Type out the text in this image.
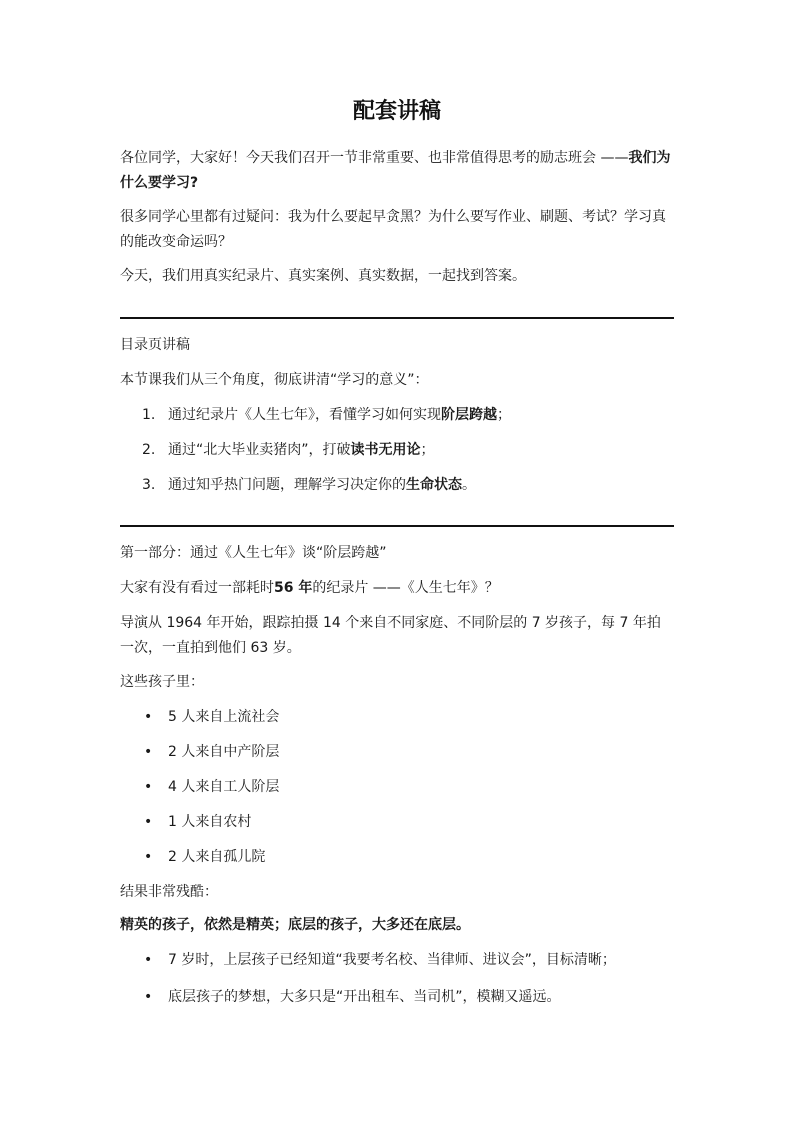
配套讲稿
各位同学，大家好！今天我们召开一节非常重要、也非常值得思考的励志班会 ——我们为什么要学习?
很多同学心里都有过疑问：我为什么要起早贪黑？为什么要写作业、刷题、考试？学习真的能改变命运吗？
今天，我们用真实纪录片、真实案例、真实数据，一起找到答案。
目录页讲稿
本节课我们从三个角度，彻底讲清“学习的意义”：
1. 通过纪录片《人生七年》，看懂学习如何实现阶层跨越；
2. 通过“北大毕业卖猪肉”，打破读书无用论；
3. 通过知乎热门问题，理解学习决定你的生命状态。
第一部分：通过《人生七年》谈“阶层跨越”
大家有没有看过一部耗时56 年的纪录片 ——《人生七年》？
导演从 1964 年开始，跟踪拍摄 14 个来自不同家庭、不同阶层的 7 岁孩子，每 7 年拍一次，一直拍到他们 63 岁。
这些孩子里：
• 5 人来自上流社会
• 2 人来自中产阶层
• 4 人来自工人阶层
• 1 人来自农村
• 2 人来自孤儿院
结果非常残酷：
精英的孩子，依然是精英；底层的孩子，大多还在底层。
• 7 岁时，上层孩子已经知道“我要考名校、当律师、进议会”，目标清晰；
• 底层孩子的梦想，大多只是“开出租车、当司机”，模糊又遥远。
